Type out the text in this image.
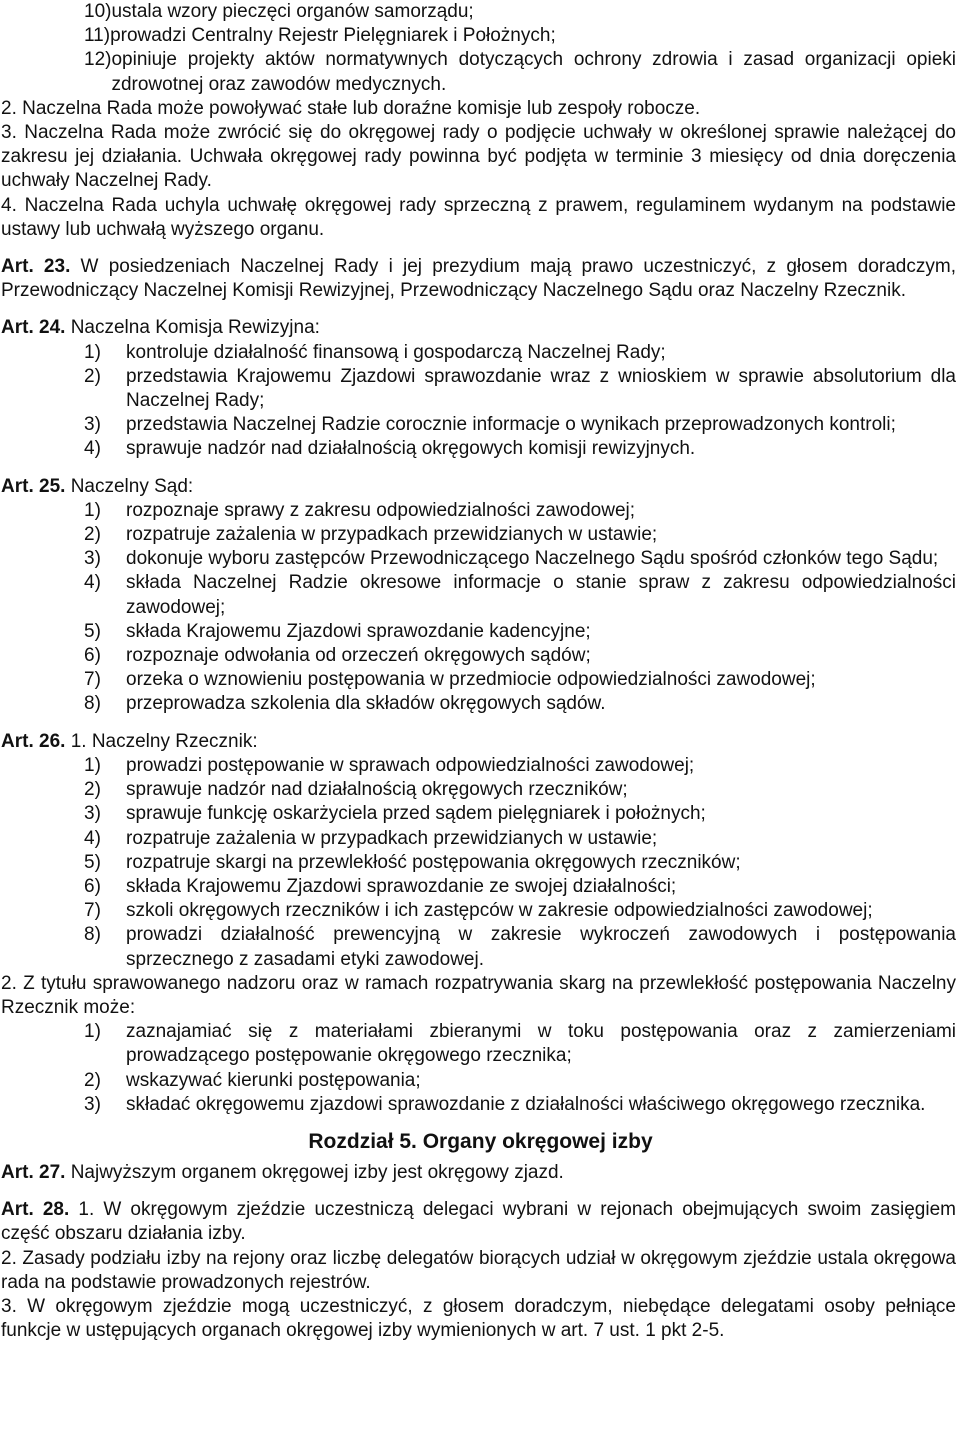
10) ustala wzory pieczęci organów samorządu;
11) prowadzi Centralny Rejestr Pielęgniarek i Położnych;
12) opiniuje projekty aktów normatywnych dotyczących ochrony zdrowia i zasad organizacji opieki zdrowotnej oraz zawodów medycznych.

2. Naczelna Rada może powoływać stałe lub doraźne komisje lub zespoły robocze.

3. Naczelna Rada może zwrócić się do okręgowej rady o podjęcie uchwały w określonej sprawie należącej do zakresu jej działania. Uchwała okręgowej rady powinna być podjęta w terminie 3 miesięcy od dnia doręczenia uchwały Naczelnej Rady.

4. Naczelna Rada uchyla uchwałę okręgowej rady sprzeczną z prawem, regulaminem wydanym na podstawie ustawy lub uchwałą wyższego organu.

Art. 23. W posiedzeniach Naczelnej Rady i jej prezydium mają prawo uczestniczyć, z głosem doradczym, Przewodniczący Naczelnej Komisji Rewizyjnej, Przewodniczący Naczelnego Sądu oraz Naczelny Rzecznik.

Art. 24. Naczelna Komisja Rewizyjna:

1)	kontroluje działalność finansową i gospodarczą Naczelnej Rady;
2)	przedstawia Krajowemu Zjazdowi sprawozdanie wraz z wnioskiem w sprawie absolutorium dla Naczelnej Rady;
3)	przedstawia Naczelnej Radzie corocznie informacje o wynikach przeprowadzonych kontroli;
4)	sprawuje nadzór nad działalnością okręgowych komisji rewizyjnych.

Art. 25. Naczelny Sąd:

1)	rozpoznaje sprawy z zakresu odpowiedzialności zawodowej;
2)	rozpatruje zażalenia w przypadkach przewidzianych w ustawie;
3)	dokonuje wyboru zastępców Przewodniczącego Naczelnego Sądu spośród członków tego Sądu;
4)	składa Naczelnej Radzie okresowe informacje o stanie spraw z zakresu odpowiedzialności zawodowej;
5)	składa Krajowemu Zjazdowi sprawozdanie kadencyjne;
6)	rozpoznaje odwołania od orzeczeń okręgowych sądów;
7)	orzeka o wznowieniu postępowania w przedmiocie odpowiedzialności zawodowej;
8)	przeprowadza szkolenia dla składów okręgowych sądów.

Art. 26. 1. Naczelny Rzecznik:

1)	prowadzi postępowanie w sprawach odpowiedzialności zawodowej;
2)	sprawuje nadzór nad działalnością okręgowych rzeczników;
3)	sprawuje funkcję oskarżyciela przed sądem pielęgniarek i położnych;
4)	rozpatruje zażalenia w przypadkach przewidzianych w ustawie;
5)	rozpatruje skargi na przewlekłość postępowania okręgowych rzeczników;
6)	składa Krajowemu Zjazdowi sprawozdanie ze swojej działalności;
7)	szkoli okręgowych rzeczników i ich zastępców w zakresie odpowiedzialności zawodowej;
8)	prowadzi działalność prewencyjną w zakresie wykroczeń zawodowych i postępowania sprzecznego z zasadami etyki zawodowej.

2. Z tytułu sprawowanego nadzoru oraz w ramach rozpatrywania skarg na przewlekłość postępowania Naczelny Rzecznik może:

1)	zaznajamiać się z materiałami zbieranymi w toku postępowania oraz z zamierzeniami prowadzącego postępowanie okręgowego rzecznika;
2)	wskazywać kierunki postępowania;
3)	składać okręgowemu zjazdowi sprawozdanie z działalności właściwego okręgowego rzecznika.
Rozdział 5. Organy okręgowej izby

Art. 27. Najwyższym organem okręgowej izby jest okręgowy zjazd.

Art. 28. 1. W okręgowym zjeździe uczestniczą delegaci wybrani w rejonach obejmujących swoim zasięgiem część obszaru działania izby.

2. Zasady podziału izby na rejony oraz liczbę delegatów biorących udział w okręgowym zjeździe ustala okręgowa rada na podstawie prowadzonych rejestrów.

3. W okręgowym zjeździe mogą uczestniczyć, z głosem doradczym, niebędące delegatami osoby pełniące funkcje w ustępujących organach okręgowej izby wymienionych w art. 7 ust. 1 pkt 2-5.
